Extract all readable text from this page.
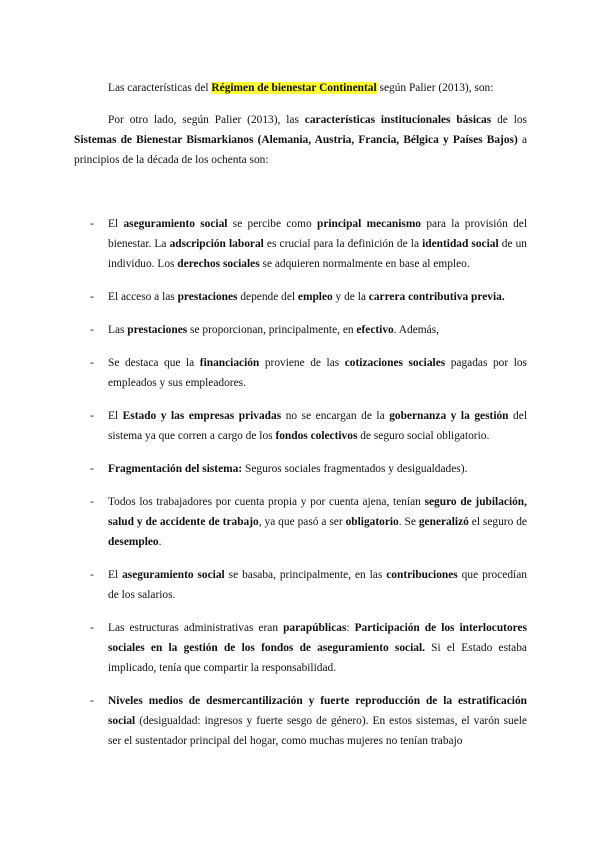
Las características del Régimen de bienestar Continental según Palier (2013), son:

Por otro lado, según Palier (2013), las características institucionales básicas de los Sistemas de Bienestar Bismarkianos (Alemania, Austria, Francia, Bélgica y Países Bajos) a principios de la década de los ochenta son:

- El aseguramiento social se percibe como principal mecanismo para la provisión del bienestar. La adscripción laboral es crucial para la definición de la identidad social de un individuo. Los derechos sociales se adquieren normalmente en base al empleo.
- El acceso a las prestaciones depende del empleo y de la carrera contributiva previa.
- Las prestaciones se proporcionan, principalmente, en efectivo. Además,
- Se destaca que la financiación proviene de las cotizaciones sociales pagadas por los empleados y sus empleadores.
- El Estado y las empresas privadas no se encargan de la gobernanza y la gestión del sistema ya que corren a cargo de los fondos colectivos de seguro social obligatorio.
- Fragmentación del sistema: Seguros sociales fragmentados y desigualdades).
- Todos los trabajadores por cuenta propia y por cuenta ajena, tenían seguro de jubilación, salud y de accidente de trabajo, ya que pasó a ser obligatorio. Se generalizó el seguro de desempleo.
- El aseguramiento social se basaba, principalmente, en las contribuciones que procedían de los salarios.
- Las estructuras administrativas eran parapúblicas: Participación de los interlocutores sociales en la gestión de los fondos de aseguramiento social. Si el Estado estaba implicado, tenía que compartir la responsabilidad.
- Niveles medios de desmercantilización y fuerte reproducción de la estratificación social (desigualdad: ingresos y fuerte sesgo de género). En estos sistemas, el varón suele ser el sustentador principal del hogar, como muchas mujeres no tenían trabajo
